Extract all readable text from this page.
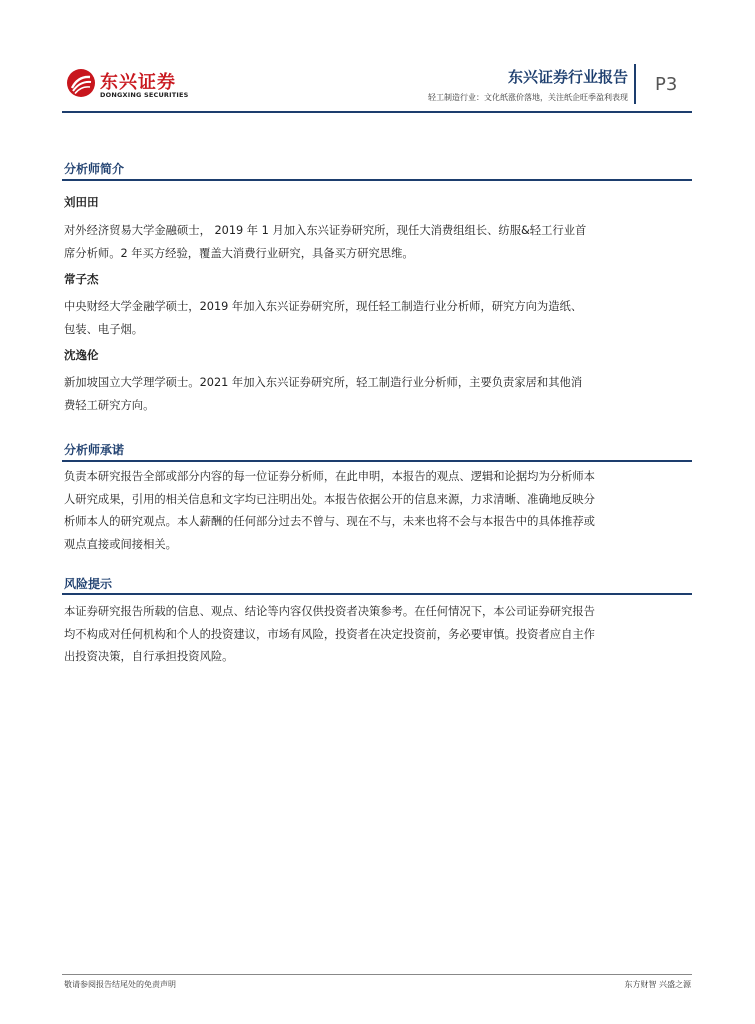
东兴证券
DONGXING SECURITIES
东兴证券行业报告
轻工制造行业：文化纸涨价落地，关注纸企旺季盈利表现
P3
分析师简介
刘田田

对外经济贸易大学金融硕士， 2019 年 1 月加入东兴证券研究所，现任大消费组组长、纺服&轻工行业首
席分析师。2 年买方经验，覆盖大消费行业研究，具备买方研究思维。

常子杰

中央财经大学金融学硕士，2019 年加入东兴证券研究所，现任轻工制造行业分析师，研究方向为造纸、
包装、电子烟。

沈逸伦

新加坡国立大学理学硕士。2021 年加入东兴证券研究所，轻工制造行业分析师，主要负责家居和其他消
费轻工研究方向。

分析师承诺

负责本研究报告全部或部分内容的每一位证券分析师，在此申明，本报告的观点、逻辑和论据均为分析师本
人研究成果，引用的相关信息和文字均已注明出处。本报告依据公开的信息来源，力求清晰、准确地反映分
析师本人的研究观点。本人薪酬的任何部分过去不曾与、现在不与，未来也将不会与本报告中的具体推荐或
观点直接或间接相关。

风险提示

本证券研究报告所载的信息、观点、结论等内容仅供投资者决策参考。在任何情况下，本公司证券研究报告
均不构成对任何机构和个人的投资建议，市场有风险，投资者在决定投资前，务必要审慎。投资者应自主作
出投资决策，自行承担投资风险。

敬请参阅报告结尾处的免责声明	东方财智 兴盛之源
